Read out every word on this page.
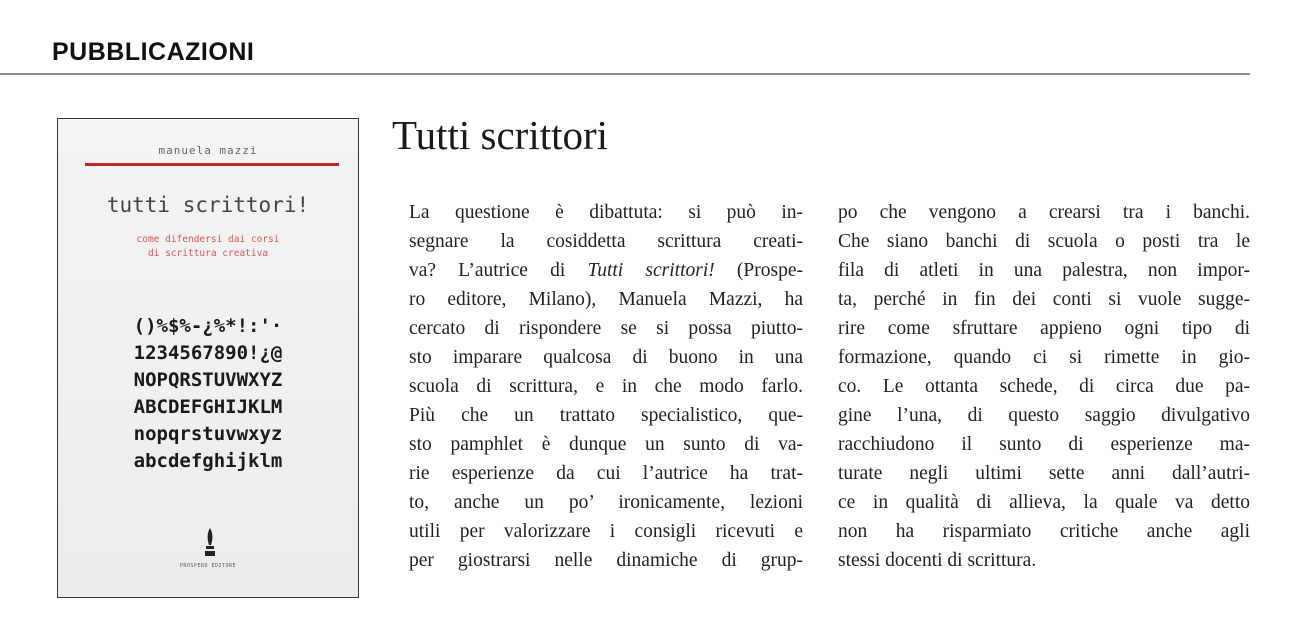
PUBBLICAZIONI
manuela mazzi
tutti scrittori!
come difendersi dai corsi
di scrittura creativa
()%$%-¿%*!:'·
1234567890!¿@
NOPQRSTUVWXYZ
ABCDEFGHIJKLM
nopqrstuvwxyz
abcdefghijklm
PROSPERO EDITORE
Tutti scrittori

La questione è dibattuta: si può in-
segnare la cosiddetta scrittura creati-
va? L’autrice di Tutti scrittori! (Prospe-
ro editore, Milano), Manuela Mazzi, ha
cercato di rispondere se si possa piutto-
sto imparare qualcosa di buono in una
scuola di scrittura, e in che modo farlo.
Più che un trattato specialistico, que-
sto pamphlet è dunque un sunto di va-
rie esperienze da cui l’autrice ha trat-
to, anche un po’ ironicamente, lezioni
utili per valorizzare i consigli ricevuti e
per giostrarsi nelle dinamiche di grup-

po che vengono a crearsi tra i banchi.
Che siano banchi di scuola o posti tra le
fila di atleti in una palestra, non impor-
ta, perché in fin dei conti si vuole sugge-
rire come sfruttare appieno ogni tipo di
formazione, quando ci si rimette in gio-
co. Le ottanta schede, di circa due pa-
gine l’una, di questo saggio divulgativo
racchiudono il sunto di esperienze ma-
turate negli ultimi sette anni dall’autri-
ce in qualità di allieva, la quale va detto
non ha risparmiato critiche anche agli
stessi docenti di scrittura.
